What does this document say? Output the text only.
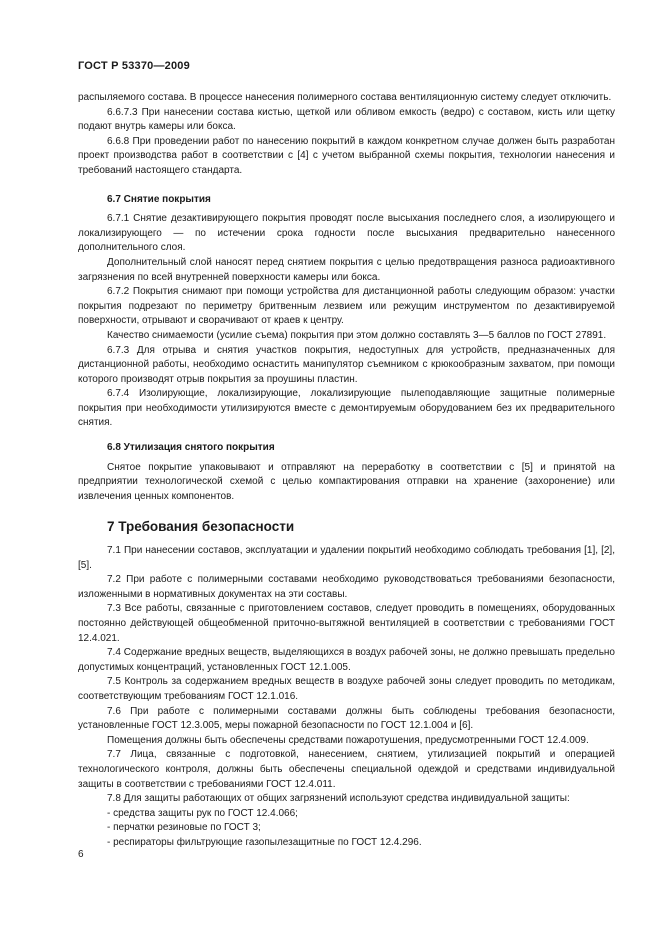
ГОСТ Р 53370—2009

распыляемого состава. В процессе нанесения полимерного состава вентиляционную систему следует отключить.

6.6.7.3 При нанесении состава кистью, щеткой или обливом емкость (ведро) с составом, кисть или щетку подают внутрь камеры или бокса.

6.6.8 При проведении работ по нанесению покрытий в каждом конкретном случае должен быть разработан проект производства работ в соответствии с [4] с учетом выбранной схемы покрытия, технологии нанесения и требований настоящего стандарта.

6.7 Снятие покрытия

6.7.1 Снятие дезактивирующего покрытия проводят после высыхания последнего слоя, а изолирующего и локализирующего — по истечении срока годности после высыхания предварительно нанесенного дополнительного слоя.

Дополнительный слой наносят перед снятием покрытия с целью предотвращения разноса радиоактивного загрязнения по всей внутренней поверхности камеры или бокса.

6.7.2 Покрытия снимают при помощи устройства для дистанционной работы следующим образом: участки покрытия подрезают по периметру бритвенным лезвием или режущим инструментом по дезактивируемой поверхности, отрывают и сворачивают от краев к центру.

Качество снимаемости (усилие съема) покрытия при этом должно составлять 3—5 баллов по ГОСТ 27891.

6.7.3 Для отрыва и снятия участков покрытия, недоступных для устройств, предназначенных для дистанционной работы, необходимо оснастить манипулятор съемником с крюкообразным захватом, при помощи которого производят отрыв покрытия за проушины пластин.

6.7.4 Изолирующие, локализирующие, локализирующие пылеподавляющие защитные полимерные покрытия при необходимости утилизируются вместе с демонтируемым оборудованием без их предварительного снятия.

6.8 Утилизация снятого покрытия

Снятое покрытие упаковывают и отправляют на переработку в соответствии с [5] и принятой на предприятии технологической схемой с целью компактирования отправки на хранение (захоронение) или извлечения ценных компонентов.

7 Требования безопасности

7.1 При нанесении составов, эксплуатации и удалении покрытий необходимо соблюдать требования [1], [2], [5].

7.2 При работе с полимерными составами необходимо руководствоваться требованиями безопасности, изложенными в нормативных документах на эти составы.

7.3 Все работы, связанные с приготовлением составов, следует проводить в помещениях, оборудованных постоянно действующей общеобменной приточно-вытяжной вентиляцией в соответствии с требованиями ГОСТ 12.4.021.

7.4 Содержание вредных веществ, выделяющихся в воздух рабочей зоны, не должно превышать предельно допустимых концентраций, установленных ГОСТ 12.1.005.

7.5 Контроль за содержанием вредных веществ в воздухе рабочей зоны следует проводить по методикам, соответствующим требованиям ГОСТ 12.1.016.

7.6 При работе с полимерными составами должны быть соблюдены требования безопасности, установленные ГОСТ 12.3.005, меры пожарной безопасности по ГОСТ 12.1.004 и [6].

Помещения должны быть обеспечены средствами пожаротушения, предусмотренными ГОСТ 12.4.009.

7.7 Лица, связанные с подготовкой, нанесением, снятием, утилизацией покрытий и операцией технологического контроля, должны быть обеспечены специальной одеждой и средствами индивидуальной защиты в соответствии с требованиями ГОСТ 12.4.011.

7.8 Для защиты работающих от общих загрязнений используют средства индивидуальной защиты:

- средства защиты рук по ГОСТ 12.4.066;

- перчатки резиновые по ГОСТ 3;

- респираторы фильтрующие газопылезащитные по ГОСТ 12.4.296.

6
